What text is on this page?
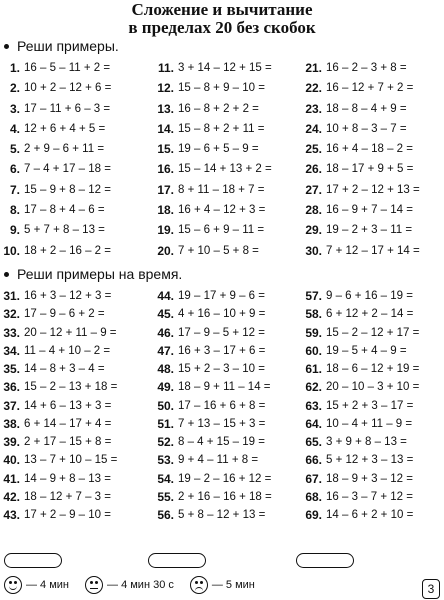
Сложение и вычитание
в пределах 20 без скобок
Реши примеры.
1. 16 – 5 – 11 + 2 =
2. 10 + 2 – 12 + 6 =
3. 17 – 11 + 6 – 3 =
4. 12 + 6 + 4 + 5 =
5. 2 + 9 – 6 + 11 =
6. 7 – 4 + 17 – 18 =
7. 15 – 9 + 8 – 12 =
8. 17 – 8 + 4 – 6 =
9. 5 + 7 + 8 – 13 =
10. 18 + 2 – 16 – 2 =
11. 3 + 14 – 12 + 15 =
12. 15 – 8 + 9 – 10 =
13. 16 – 8 + 2 + 2 =
14. 15 – 8 + 2 + 11 =
15. 19 – 6 + 5 – 9 =
16. 15 – 14 + 13 + 2 =
17. 8 + 11 – 18 + 7 =
18. 16 + 4 – 12 + 3 =
19. 15 – 6 + 9 – 11 =
20. 7 + 10 – 5 + 8 =
21. 16 – 2 – 3 + 8 =
22. 16 – 12 + 7 + 2 =
23. 18 – 8 – 4 + 9 =
24. 10 + 8 – 3 – 7 =
25. 16 + 4 – 18 – 2 =
26. 18 – 17 + 9 + 5 =
27. 17 + 2 – 12 + 13 =
28. 16 – 9 + 7 – 14 =
29. 19 – 2 + 3 – 11 =
30. 7 + 12 – 17 + 14 =
Реши примеры на время.
31. 16 + 3 – 12 + 3 =
32. 17 – 9 – 6 + 2 =
33. 20 – 12 + 11 – 9 =
34. 11 – 4 + 10 – 2 =
35. 14 – 8 + 3 – 4 =
36. 15 – 2 – 13 + 18 =
37. 14 + 6 – 13 + 3 =
38. 6 + 14 – 17 + 4 =
39. 2 + 17 – 15 + 8 =
40. 13 – 7 + 10 – 15 =
41. 14 – 9 + 8 – 13 =
42. 18 – 12 + 7 – 3 =
43. 17 + 2 – 9 – 10 =
44. 19 – 17 + 9 – 6 =
45. 4 + 16 – 10 + 9 =
46. 17 – 9 – 5 + 12 =
47. 16 + 3 – 17 + 6 =
48. 15 + 2 – 3 – 10 =
49. 18 – 9 + 11 – 14 =
50. 17 – 16 + 6 + 8 =
51. 7 + 13 – 15 + 3 =
52. 8 – 4 + 15 – 19 =
53. 9 + 4 – 11 + 8 =
54. 19 – 2 – 16 + 12 =
55. 2 + 16 – 16 + 18 =
56. 5 + 8 – 12 + 13 =
57. 9 – 6 + 16 – 19 =
58. 6 + 12 + 2 – 14 =
59. 15 – 2 – 12 + 17 =
60. 19 – 5 + 4 – 9 =
61. 18 – 6 – 12 + 19 =
62. 20 – 10 – 3 + 10 =
63. 15 + 2 + 3 – 17 =
64. 10 – 4 + 11 – 9 =
65. 3 + 9 + 8 – 13 =
66. 5 + 12 + 3 – 13 =
67. 18 – 9 + 3 – 12 =
68. 16 – 3 – 7 + 12 =
69. 14 – 6 + 2 + 10 =
— 4 мин	— 4 мин 30 с	— 5 мин	3
